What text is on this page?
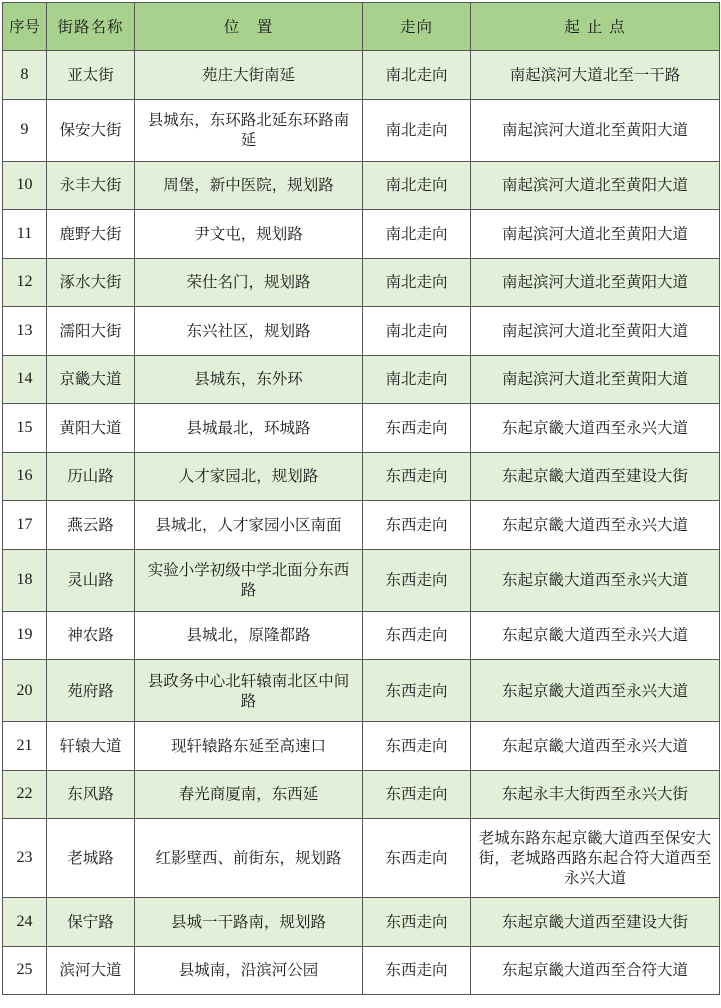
序号	街路名称	位　置	走向	起 止 点
8	亚太街	苑庄大街南延	南北走向	南起滨河大道北至一干路
9	保安大街	县城东，东环路北延东环路南延	南北走向	南起滨河大道北至黄阳大道
10	永丰大街	周堡，新中医院，规划路	南北走向	南起滨河大道北至黄阳大道
11	鹿野大街	尹文屯，规划路	南北走向	南起滨河大道北至黄阳大道
12	涿水大街	荣仕名门，规划路	南北走向	南起滨河大道北至黄阳大道
13	濡阳大街	东兴社区，规划路	南北走向	南起滨河大道北至黄阳大道
14	京畿大道	县城东，东外环	南北走向	南起滨河大道北至黄阳大道
15	黄阳大道	县城最北，环城路	东西走向	东起京畿大道西至永兴大道
16	历山路	人才家园北，规划路	东西走向	东起京畿大道西至建设大街
17	燕云路	县城北，人才家园小区南面	东西走向	东起京畿大道西至永兴大道
18	灵山路	实验小学初级中学北面分东西路	东西走向	东起京畿大道西至永兴大道
19	神农路	县城北，原隆都路	东西走向	东起京畿大道西至永兴大道
20	苑府路	县政务中心北轩辕南北区中间路	东西走向	东起京畿大道西至永兴大道
21	轩辕大道	现轩辕路东延至高速口	东西走向	东起京畿大道西至永兴大道
22	东风路	春光商厦南，东西延	东西走向	东起永丰大街西至永兴大街
23	老城路	红影壁西、前街东，规划路	东西走向	老城东路东起京畿大道西至保安大街，老城路西路东起合符大道西至永兴大道
24	保宁路	县城一干路南，规划路	东西走向	东起京畿大道西至建设大街
25	滨河大道	县城南，沿滨河公园	东西走向	东起京畿大道西至合符大道
